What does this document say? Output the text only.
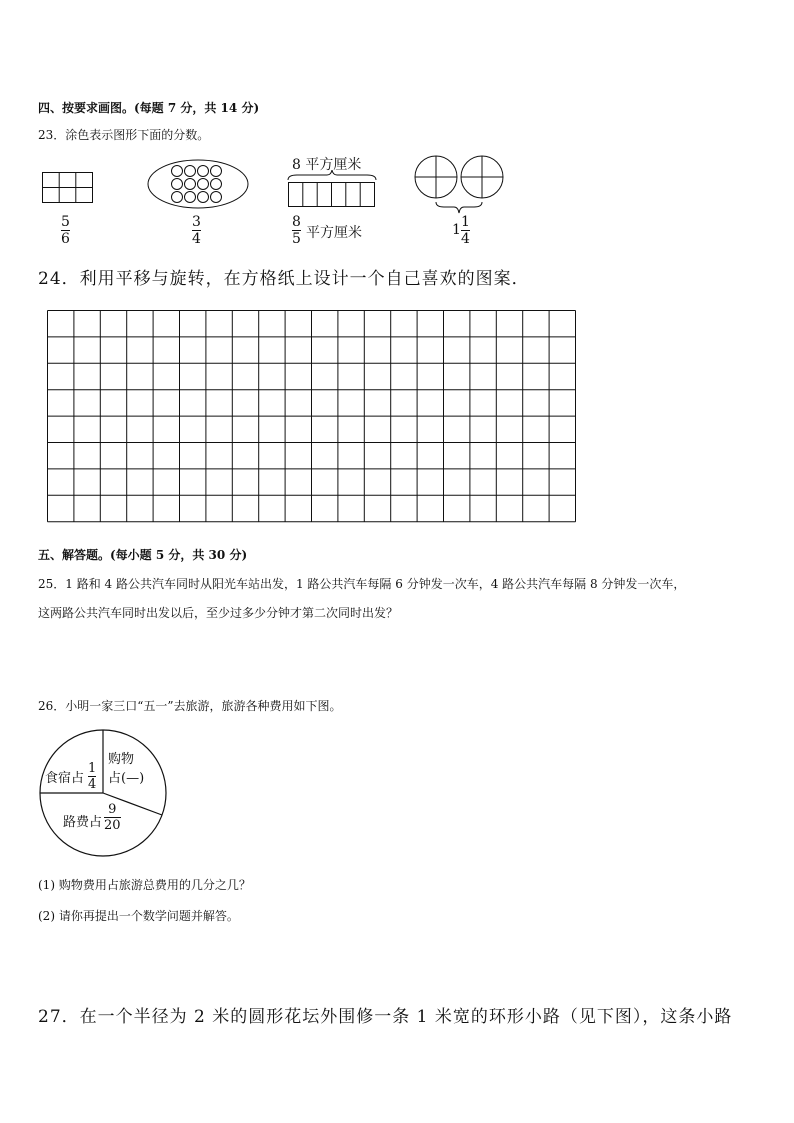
四、按要求画图。(每题 7 分，共 14 分)
23．涂色表示图形下面的分数。
5
6
3
4
8 平方厘米
8
5 平方厘米	1 1
4
24．利用平移与旋转，在方格纸上设计一个自己喜欢的图案．
五、解答题。(每小题 5 分，共 30 分)
25．1 路和 4 路公共汽车同时从阳光车站出发，1 路公共汽车每隔 6 分钟发一次车，4 路公共汽车每隔 8 分钟发一次车，
这两路公共汽车同时出发以后，至少过多少分钟才第二次同时出发？
26．小明一家三口“五一”去旅游，旅游各种费用如下图。
食宿占
1
4
路费占
9
20
购物
占(—)
(1) 购物费用占旅游总费用的几分之几？
(2) 请你再提出一个数学问题并解答。
27．在一个半径为 2 米的圆形花坛外围修一条 1 米宽的环形小路（见下图），这条小路
